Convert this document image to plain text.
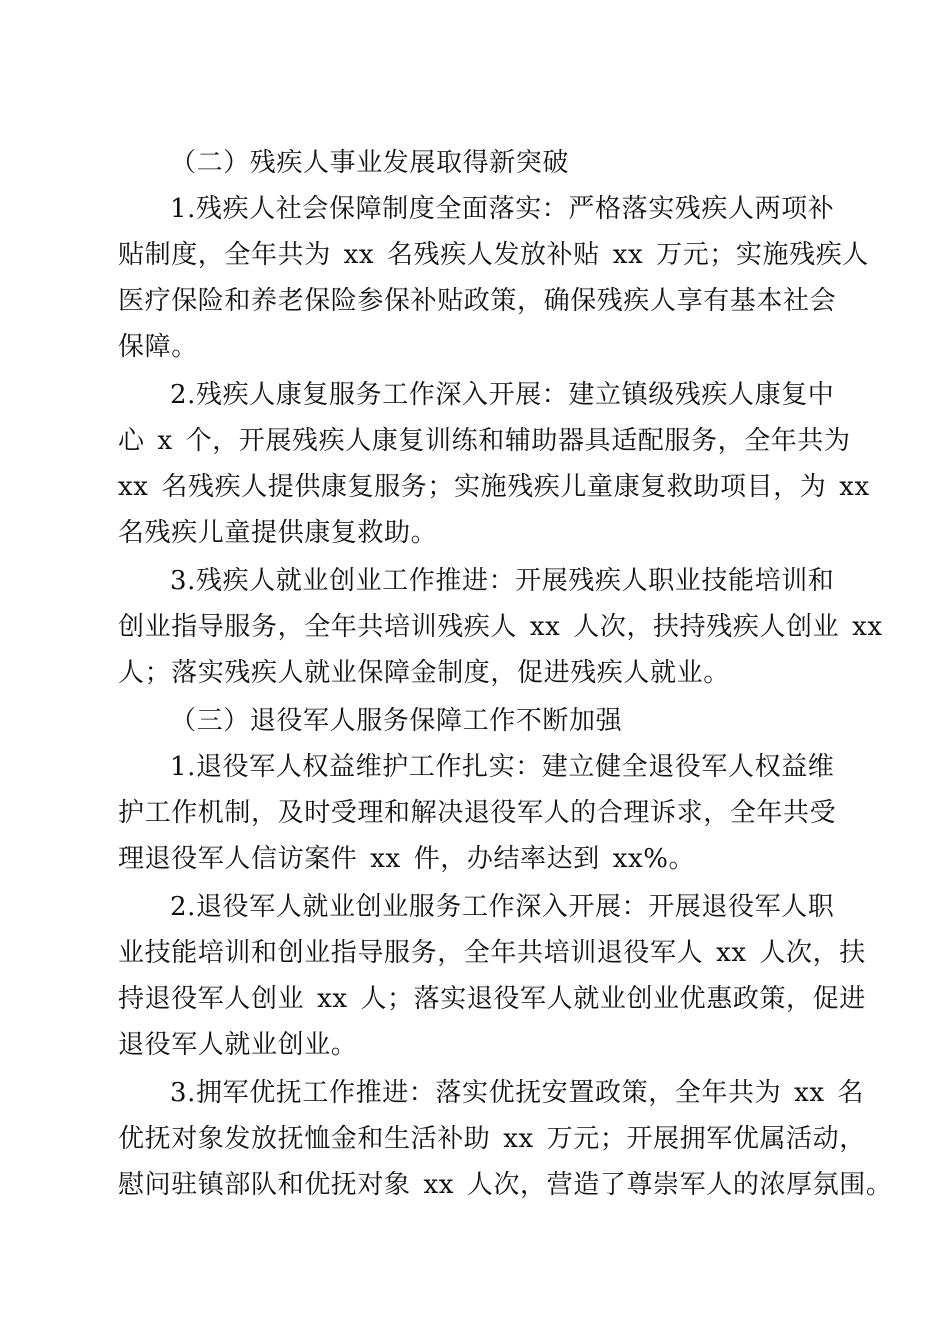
（二）残疾人事业发展取得新突破
1.残疾人社会保障制度全面落实：严格落实残疾人两项补
贴制度，全年共为 xx 名残疾人发放补贴 xx 万元；实施残疾人
医疗保险和养老保险参保补贴政策，确保残疾人享有基本社会
保障。
2.残疾人康复服务工作深入开展：建立镇级残疾人康复中
心 x 个，开展残疾人康复训练和辅助器具适配服务，全年共为
xx 名残疾人提供康复服务；实施残疾儿童康复救助项目，为 xx
名残疾儿童提供康复救助。
3.残疾人就业创业工作推进：开展残疾人职业技能培训和
创业指导服务，全年共培训残疾人 xx 人次，扶持残疾人创业 xx
人；落实残疾人就业保障金制度，促进残疾人就业。
（三）退役军人服务保障工作不断加强
1.退役军人权益维护工作扎实：建立健全退役军人权益维
护工作机制，及时受理和解决退役军人的合理诉求，全年共受
理退役军人信访案件 xx 件，办结率达到 xx%。
2.退役军人就业创业服务工作深入开展：开展退役军人职
业技能培训和创业指导服务，全年共培训退役军人 xx 人次，扶
持退役军人创业 xx 人；落实退役军人就业创业优惠政策，促进
退役军人就业创业。
3.拥军优抚工作推进：落实优抚安置政策，全年共为 xx 名
优抚对象发放抚恤金和生活补助 xx 万元；开展拥军优属活动，
慰问驻镇部队和优抚对象 xx 人次，营造了尊崇军人的浓厚氛围。
